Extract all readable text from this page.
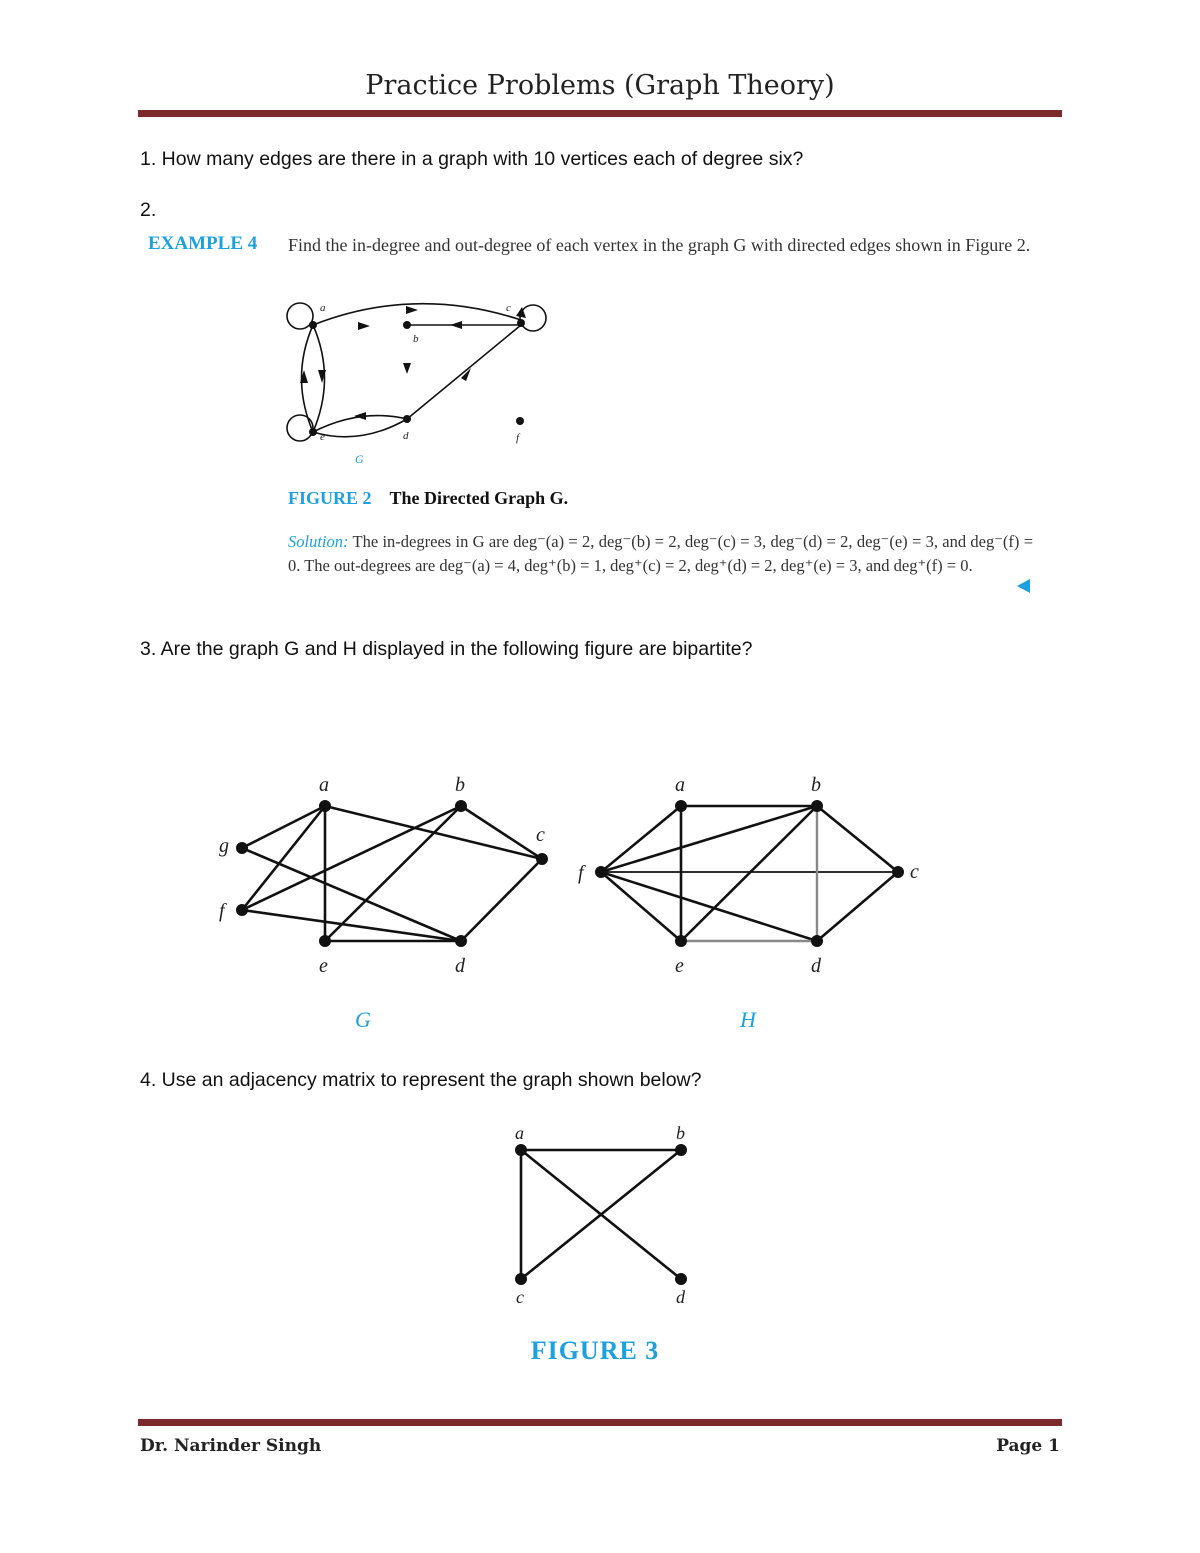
Practice Problems (Graph Theory)
1. How many edges are there in a graph with 10 vertices each of degree six?
2.
EXAMPLE 4 Find the in-degree and out-degree of each vertex in the graph G with directed edges shown in Figure 2.
FIGURE 2 The Directed Graph G.
Solution: The in-degrees in G are deg⁻(a) = 2, deg⁻(b) = 2, deg⁻(c) = 3, deg⁻(d) = 2, deg⁻(e) = 3, and deg⁻(f) = 0. The out-degrees are deg⁻(a) = 4, deg⁺(b) = 1, deg⁺(c) = 2, deg⁺(d) = 2, deg⁺(e) = 3, and deg⁺(f) = 0.
3. Are the graph G and H displayed in the following figure are bipartite?
4. Use an adjacency matrix to represent the graph shown below?
a
b
c
d
e	f
G
a	b
c
d
e
f
g
G
a	b
c
d
e
f
H
a	b
c	d
FIGURE 3
Dr. Narinder Singh	Page 1
